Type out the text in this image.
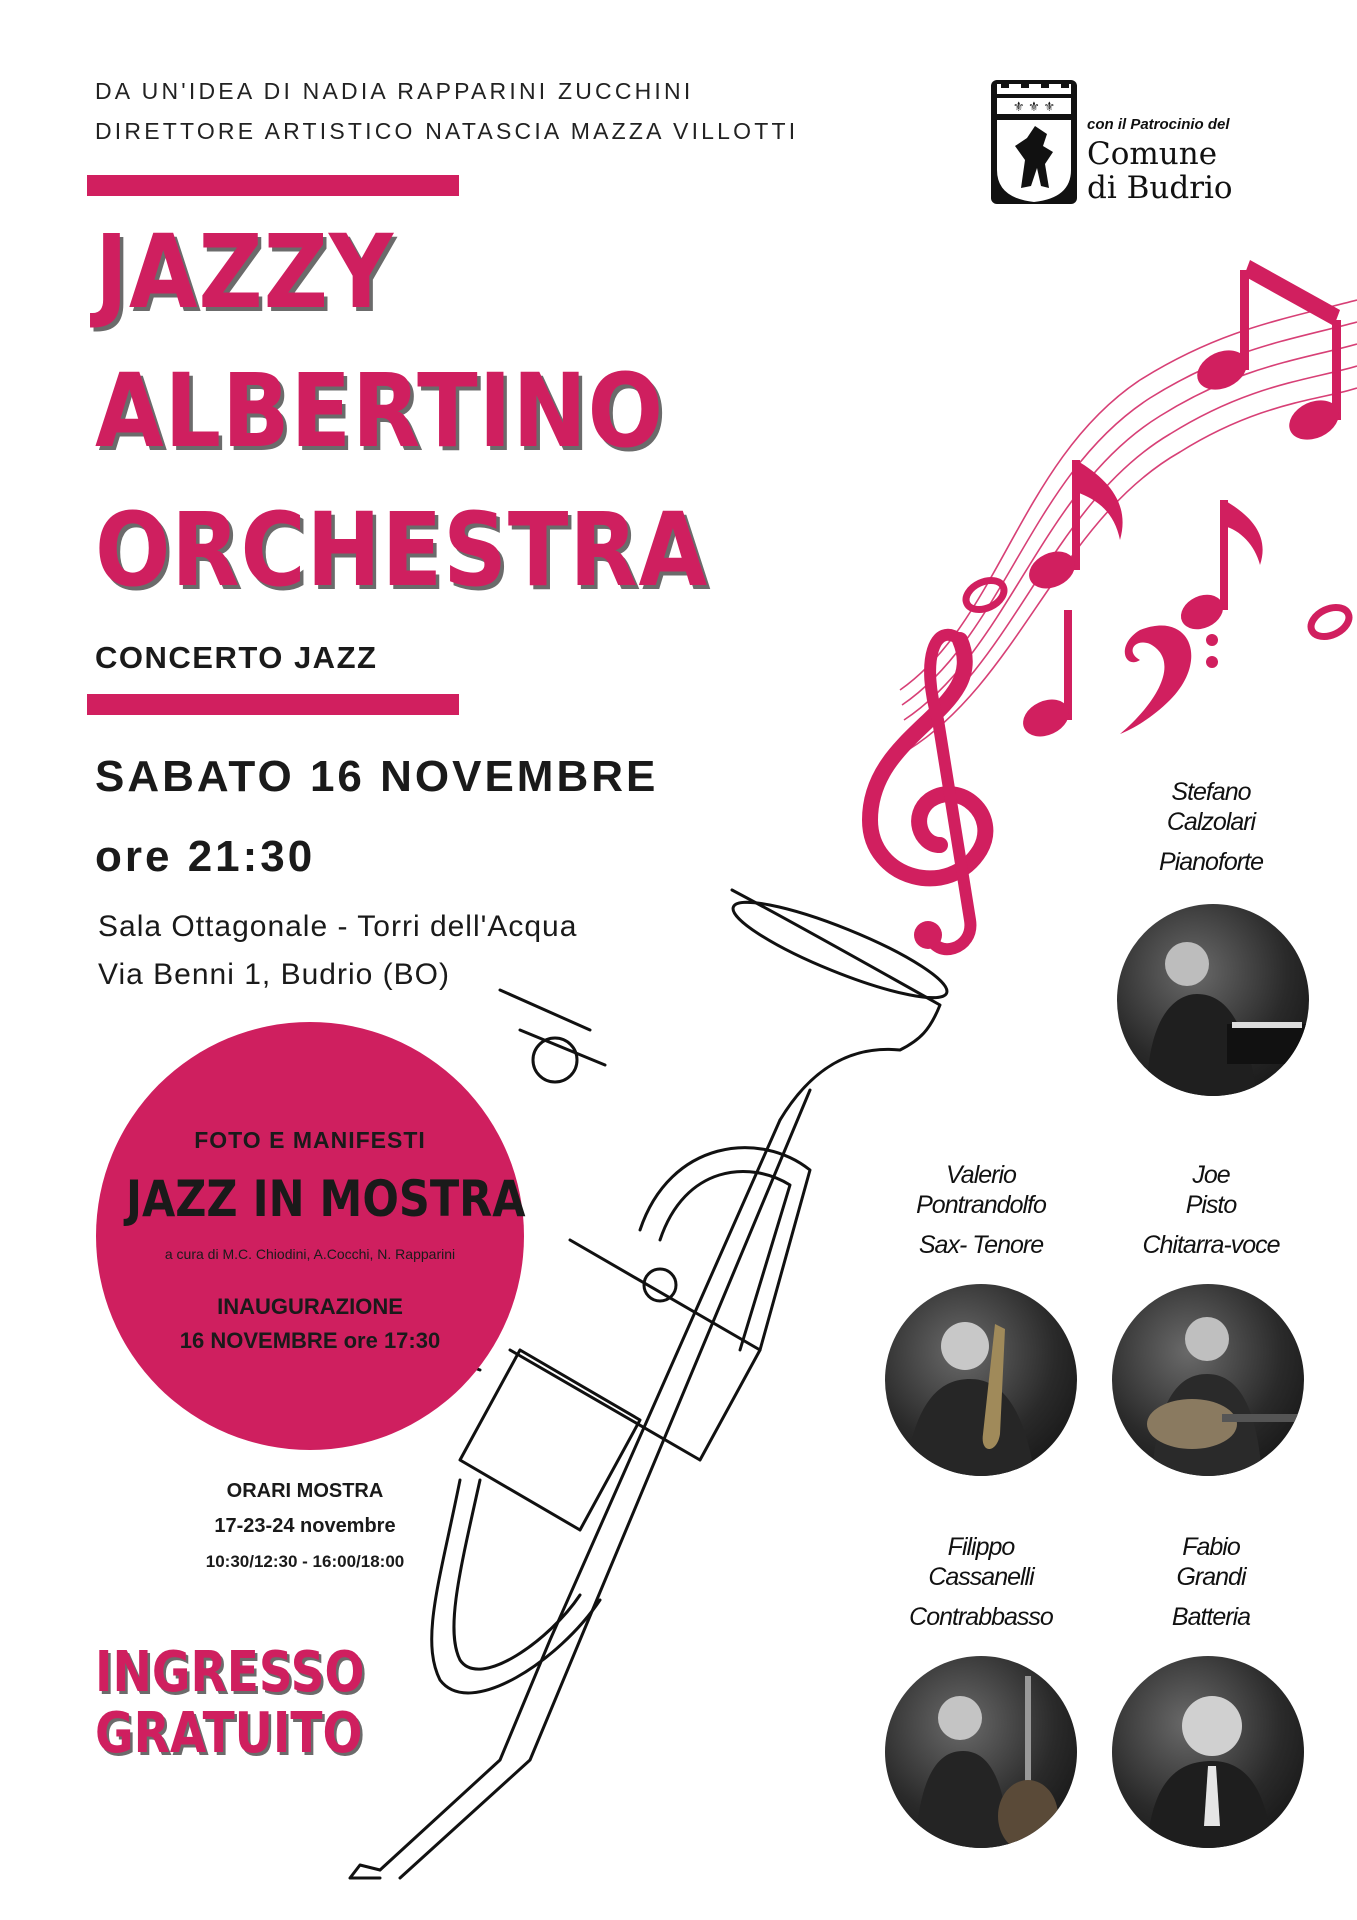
DA UN'IDEA DI NADIA RAPPARINI ZUCCHINI
DIRETTORE ARTISTICO NATASCIA MAZZA VILLOTTI
⚜ ⚜ ⚜
con il Patrocinio del
Comune
di Budrio
JAZZY
ALBERTINO
ORCHESTRA
CONCERTO JAZZ
SABATO 16 NOVEMBRE
ore 21:30
Sala Ottagonale - Torri dell'Acqua
Via Benni 1, Budrio (BO)
FOTO E MANIFESTI
JAZZ IN MOSTRA
a cura di M.C. Chiodini, A.Cocchi, N. Rapparini
INAUGURAZIONE
16 NOVEMBRE ore 17:30
ORARI MOSTRA
17-23-24 novembre
10:30/12:30 - 16:00/18:00
INGRESSO
GRATUITO
Stefano
Calzolari
Pianoforte
Valerio
Pontrandolfo
Sax- Tenore
Joe
Pisto
Chitarra-voce
Filippo
Cassanelli
Contrabbasso
Fabio
Grandi
Batteria
